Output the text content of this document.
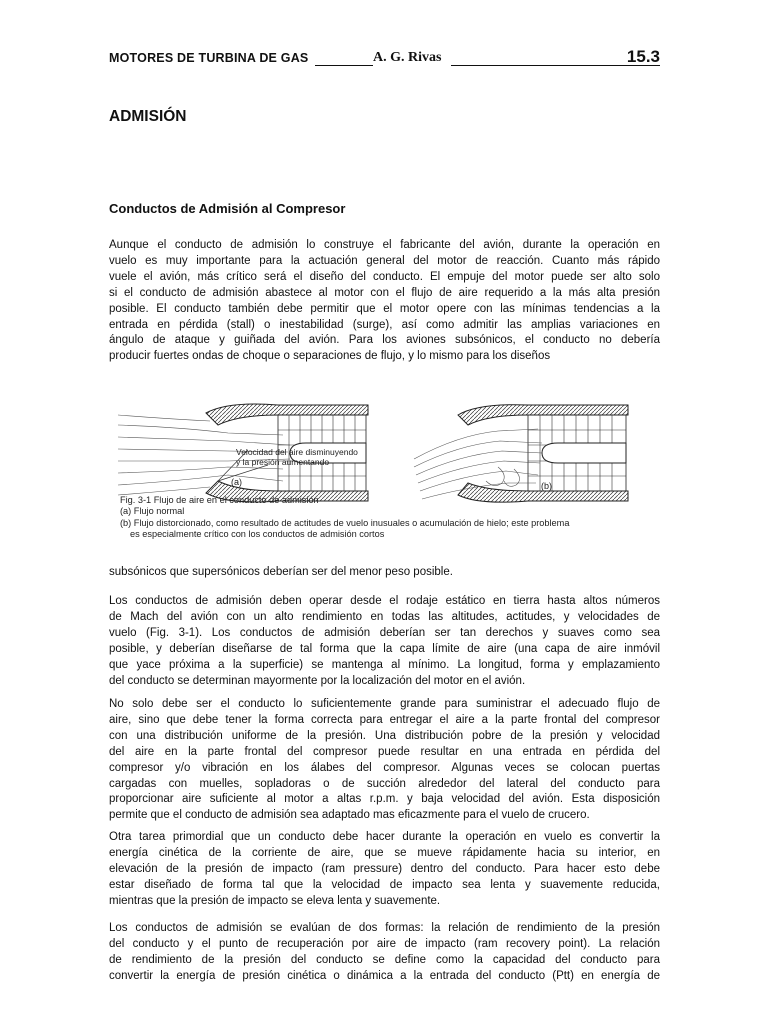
MOTORES DE TURBINA DE GAS	A. G. Rivas	15.3
ADMISIÓN
Conductos de Admisión al Compresor
Aunque el conducto de admisión lo construye el fabricante del avión, durante la operación en
vuelo es muy importante para la actuación general del motor de reacción. Cuanto más rápido
vuele el avión, más crítico será el diseño del conducto. El empuje del motor puede ser alto solo
si el conducto de admisión abastece al motor con el flujo de aire requerido a la más alta presión
posible. El conducto también debe permitir que el motor opere con las mínimas tendencias a la
entrada en pérdida (stall) o inestabilidad (surge), así como admitir las amplias variaciones en
ángulo de ataque y guiñada del avión. Para los aviones subsónicos, el conducto no debería
producir fuertes ondas de choque o separaciones de flujo, y lo mismo para los diseños
Velocidad del aire disminuyendo
y la presión aumentando
(a)	(b)
Fig. 3-1 Flujo de aire en el conducto de admisión
(a) Flujo normal
(b) Flujo distorcionado, como resultado de actitudes de vuelo inusuales o acumulación de hielo; este problema
es especialmente crítico con los conductos de admisión cortos
subsónicos que supersónicos deberían ser del menor peso posible.
Los conductos de admisión deben operar desde el rodaje estático en tierra hasta altos números
de Mach del avión con un alto rendimiento en todas las altitudes, actitudes, y velocidades de
vuelo (Fig. 3-1). Los conductos de admisión deberían ser tan derechos y suaves como sea
posible, y deberían diseñarse de tal forma que la capa límite de aire (una capa de aire inmóvil
que yace próxima a la superficie) se mantenga al mínimo. La longitud, forma y emplazamiento
del conducto se determinan mayormente por la localización del motor en el avión.
No solo debe ser el conducto lo suficientemente grande para suministrar el adecuado flujo de
aire, sino que debe tener la forma correcta para entregar el aire a la parte frontal del compresor
con una distribución uniforme de la presión. Una distribución pobre de la presión y velocidad
del aire en la parte frontal del compresor puede resultar en una entrada en pérdida del
compresor y/o vibración en los álabes del compresor. Algunas veces se colocan puertas
cargadas con muelles, sopladoras o de succión alrededor del lateral del conducto para
proporcionar aire suficiente al motor a altas r.p.m. y baja velocidad del avión. Esta disposición
permite que el conducto de admisión sea adaptado mas eficazmente para el vuelo de crucero.
Otra tarea primordial que un conducto debe hacer durante la operación en vuelo es convertir la
energía cinética de la corriente de aire, que se mueve rápidamente hacia su interior, en
elevación de la presión de impacto (ram pressure) dentro del conducto. Para hacer esto debe
estar diseñado de forma tal que la velocidad de impacto sea lenta y suavemente reducida,
mientras que la presión de impacto se eleva lenta y suavemente.
Los conductos de admisión se evalúan de dos formas: la relación de rendimiento de la presión
del conducto y el punto de recuperación por aire de impacto (ram recovery point). La relación
de rendimiento de la presión del conducto se define como la capacidad del conducto para
convertir la energía de presión cinética o dinámica a la entrada del conducto (Ptt) en energía de
